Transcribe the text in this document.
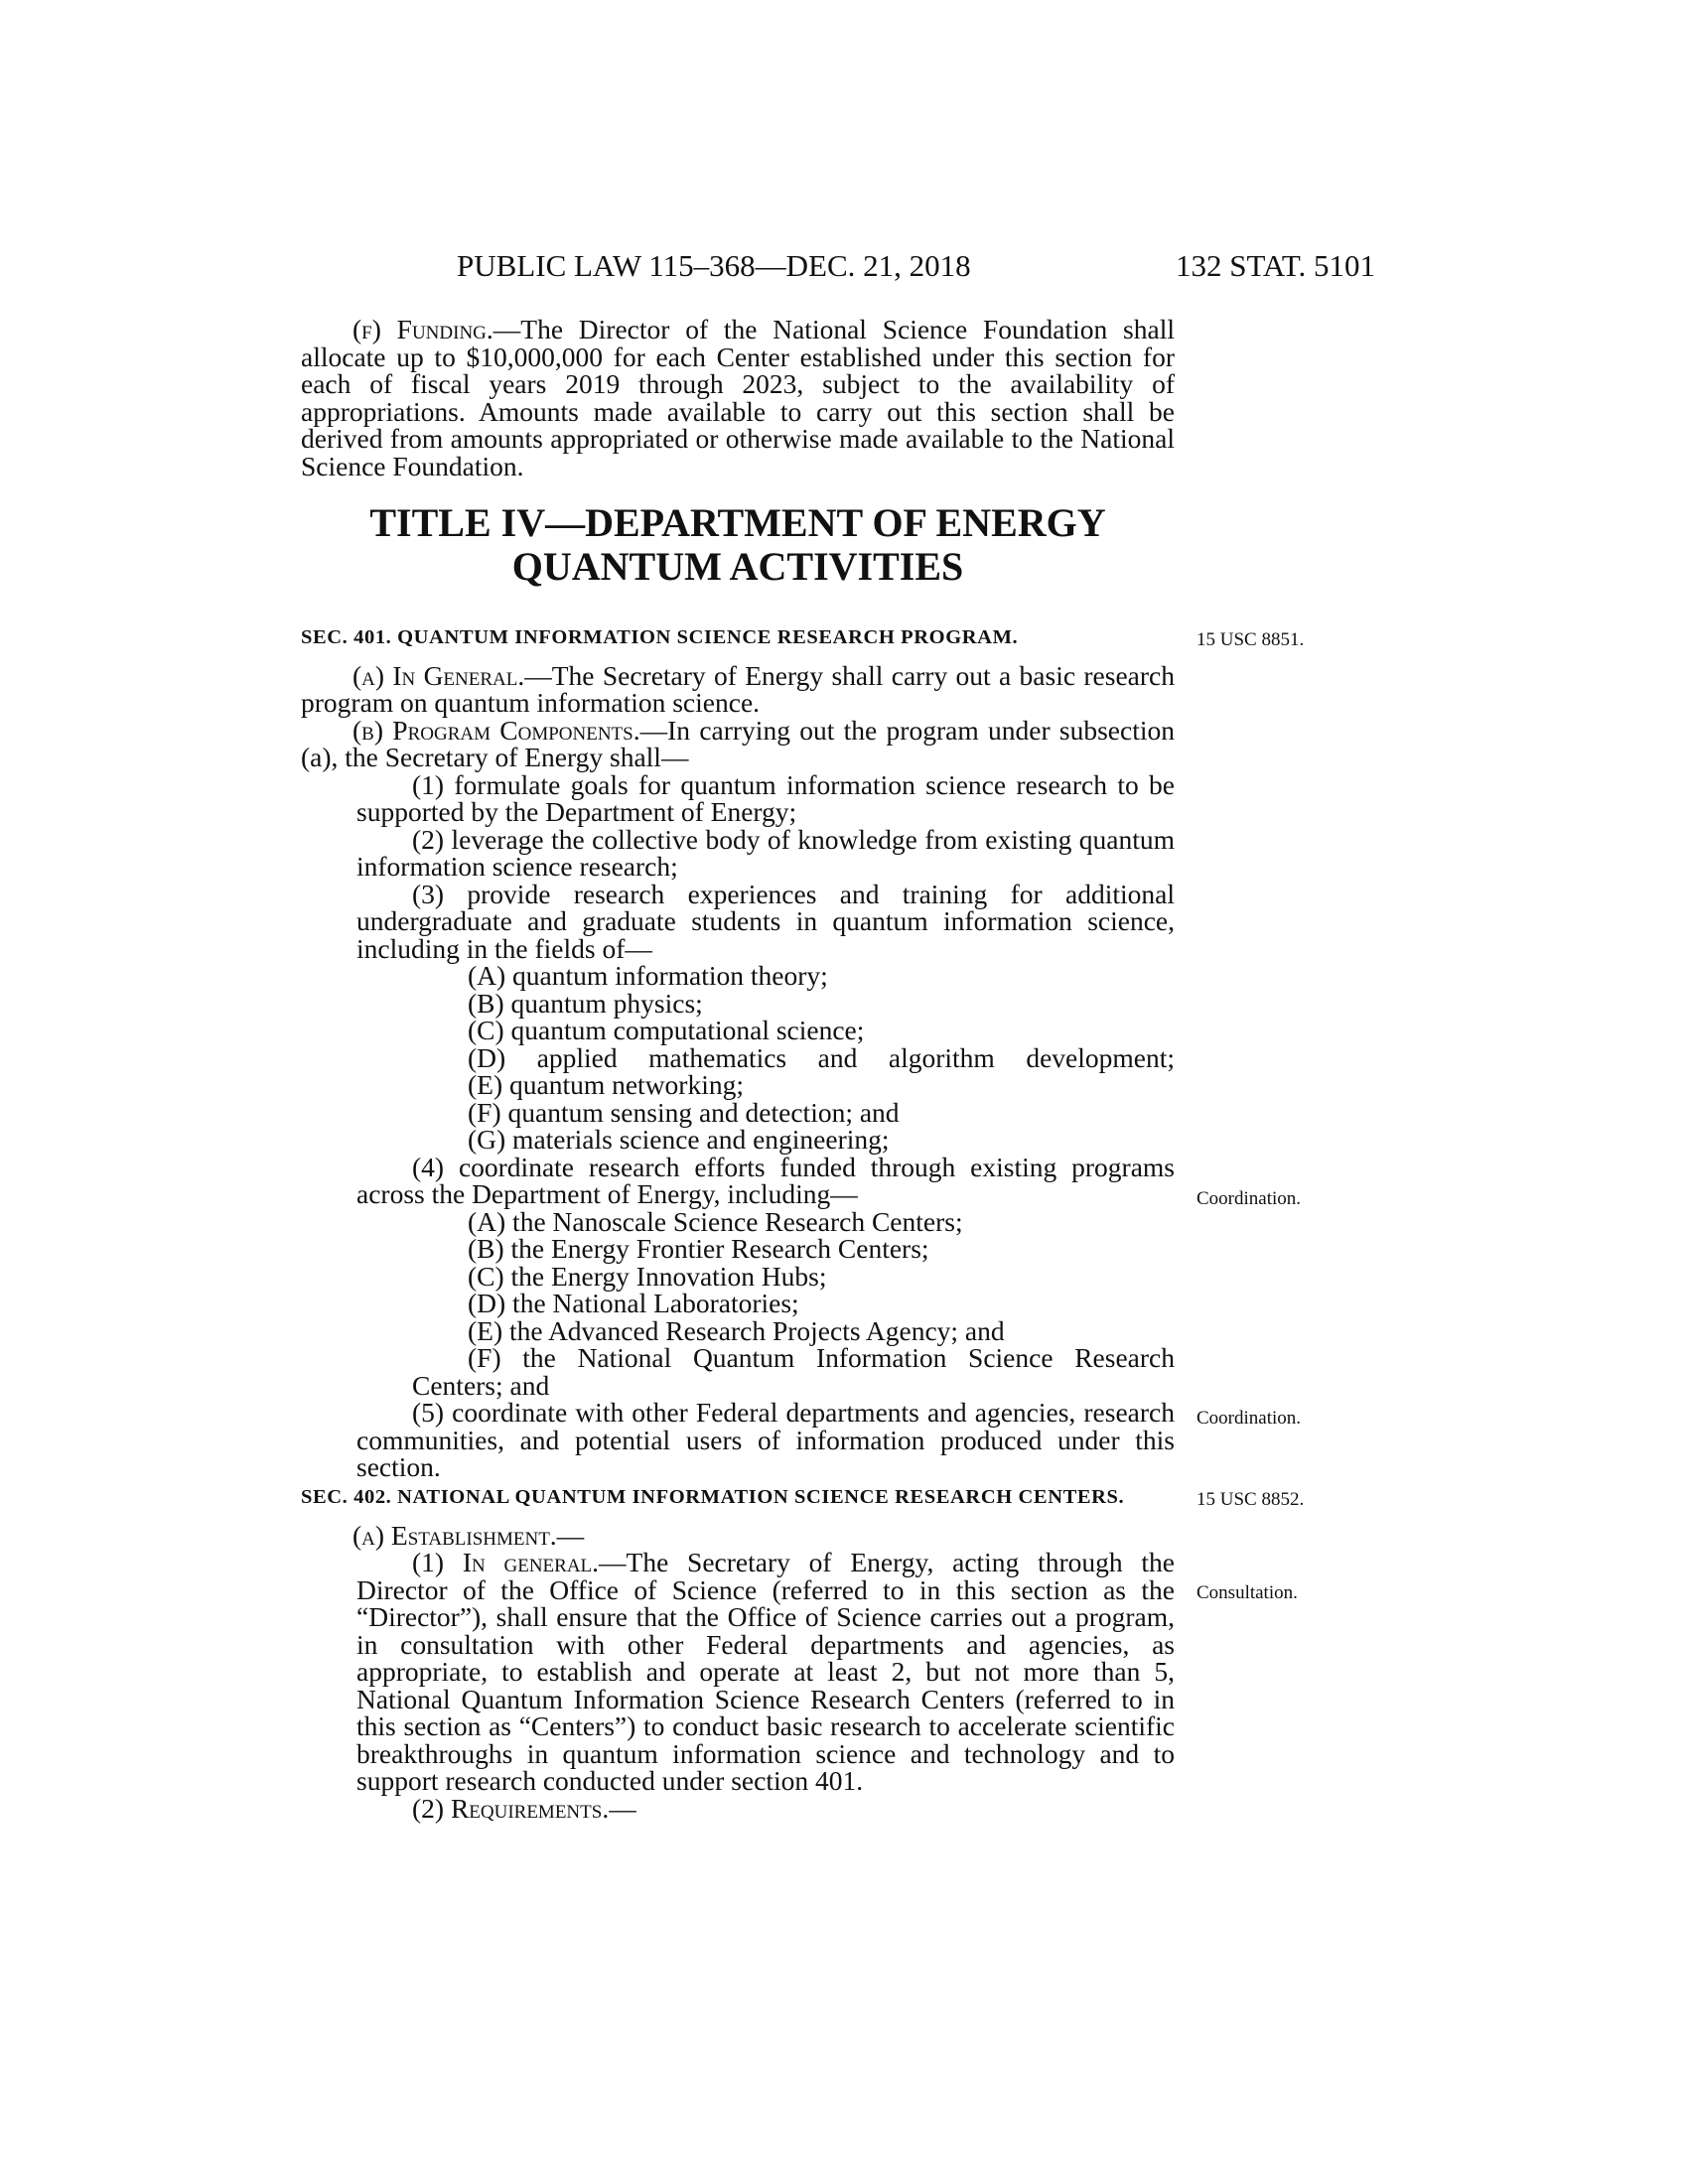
PUBLIC LAW 115–368—DEC. 21, 2018	132 STAT. 5101

(f) Funding.—The Director of the National Science Foundation shall allocate up to $10,000,000 for each Center established under this section for each of fiscal years 2019 through 2023, subject to the availability of appropriations. Amounts made available to carry out this section shall be derived from amounts appropriated or otherwise made available to the National Science Foundation.

TITLE IV—DEPARTMENT OF ENERGY
QUANTUM ACTIVITIES

SEC. 401. QUANTUM INFORMATION SCIENCE RESEARCH PROGRAM.

(a) In General.—The Secretary of Energy shall carry out a basic research program on quantum information science.

(b) Program Components.—In carrying out the program under subsection (a), the Secretary of Energy shall—

(1) formulate goals for quantum information science research to be supported by the Department of Energy;

(2) leverage the collective body of knowledge from existing quantum information science research;

(3) provide research experiences and training for additional undergraduate and graduate students in quantum information science, including in the fields of—

(A) quantum information theory;

(B) quantum physics;

(C) quantum computational science;

(D) applied mathematics and algorithm development;

(E) quantum networking;

(F) quantum sensing and detection; and

(G) materials science and engineering;

(4) coordinate research efforts funded through existing programs across the Department of Energy, including—

(A) the Nanoscale Science Research Centers;

(B) the Energy Frontier Research Centers;

(C) the Energy Innovation Hubs;

(D) the National Laboratories;

(E) the Advanced Research Projects Agency; and

(F) the National Quantum Information Science Research Centers; and

(5) coordinate with other Federal departments and agencies, research communities, and potential users of information produced under this section.

SEC. 402. NATIONAL QUANTUM INFORMATION SCIENCE RESEARCH CENTERS.

(a) Establishment.—

(1) In general.—The Secretary of Energy, acting through the Director of the Office of Science (referred to in this section as the “Director”), shall ensure that the Office of Science carries out a program, in consultation with other Federal departments and agencies, as appropriate, to establish and operate at least 2, but not more than 5, National Quantum Information Science Research Centers (referred to in this section as “Centers”) to conduct basic research to accelerate scientific breakthroughs in quantum information science and technology and to support research conducted under section 401.

(2) Requirements.—

15 USC 8851.
Coordination.
Coordination.
15 USC 8852.
Consultation.
